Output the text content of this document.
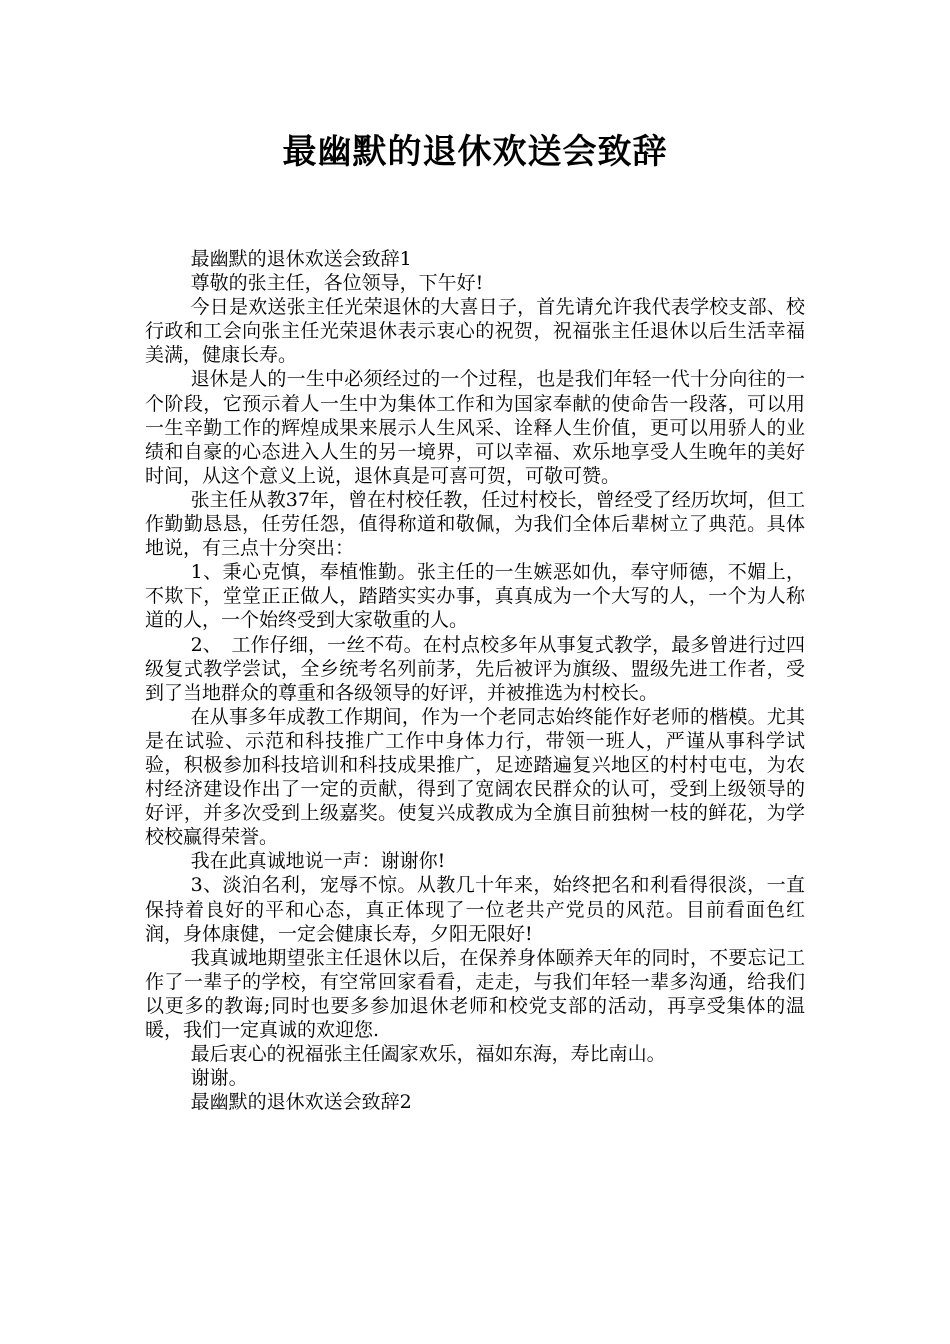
最幽默的退休欢送会致辞

最幽默的退休欢送会致辞1

尊敬的张主任，各位领导，下午好!

今日是欢送张主任光荣退休的大喜日子，首先请允许我代表学校支部、校行政和工会向张主任光荣退休表示衷心的祝贺，祝福张主任退休以后生活幸福美满，健康长寿。

退休是人的一生中必须经过的一个过程，也是我们年轻一代十分向往的一个阶段，它预示着人一生中为集体工作和为国家奉献的使命告一段落，可以用一生辛勤工作的辉煌成果来展示人生风采、诠释人生价值，更可以用骄人的业绩和自豪的心态进入人生的另一境界，可以幸福、欢乐地享受人生晚年的美好时间，从这个意义上说，退休真是可喜可贺，可敬可赞。

张主任从教37年，曾在村校任教，任过村校长，曾经受了经历坎坷，但工作勤勤恳恳，任劳任怨，值得称道和敬佩，为我们全体后辈树立了典范。具体地说，有三点十分突出：

1、秉心克慎，奉植惟勤。张主任的一生嫉恶如仇，奉守师德，不媚上，不欺下，堂堂正正做人，踏踏实实办事，真真成为一个大写的人，一个为人称道的人，一个始终受到大家敬重的人。

2、　工作仔细，一丝不苟。在村点校多年从事复式教学，最多曾进行过四级复式教学尝试，全乡统考名列前茅，先后被评为旗级、盟级先进工作者，受到了当地群众的尊重和各级领导的好评，并被推选为村校长。

在从事多年成教工作期间，作为一个老同志始终能作好老师的楷模。尤其是在试验、示范和科技推广工作中身体力行，带领一班人，严谨从事科学试验，积极参加科技培训和科技成果推广，足迹踏遍复兴地区的村村屯屯，为农村经济建设作出了一定的贡献，得到了宽阔农民群众的认可，受到上级领导的好评，并多次受到上级嘉奖。使复兴成教成为全旗目前独树一枝的鲜花，为学校校赢得荣誉。

我在此真诚地说一声：谢谢你!

3、淡泊名利，宠辱不惊。从教几十年来，始终把名和利看得很淡，一直保持着良好的平和心态，真正体现了一位老共产党员的风范。目前看面色红润，身体康健，一定会健康长寿，夕阳无限好!

我真诚地期望张主任退休以后，在保养身体颐养天年的同时，不要忘记工作了一辈子的学校，有空常回家看看，走走，与我们年轻一辈多沟通，给我们以更多的教诲;同时也要多参加退休老师和校党支部的活动，再享受集体的温暖，我们一定真诚的欢迎您.

最后衷心的祝福张主任阖家欢乐，福如东海，寿比南山。

谢谢。

最幽默的退休欢送会致辞2
